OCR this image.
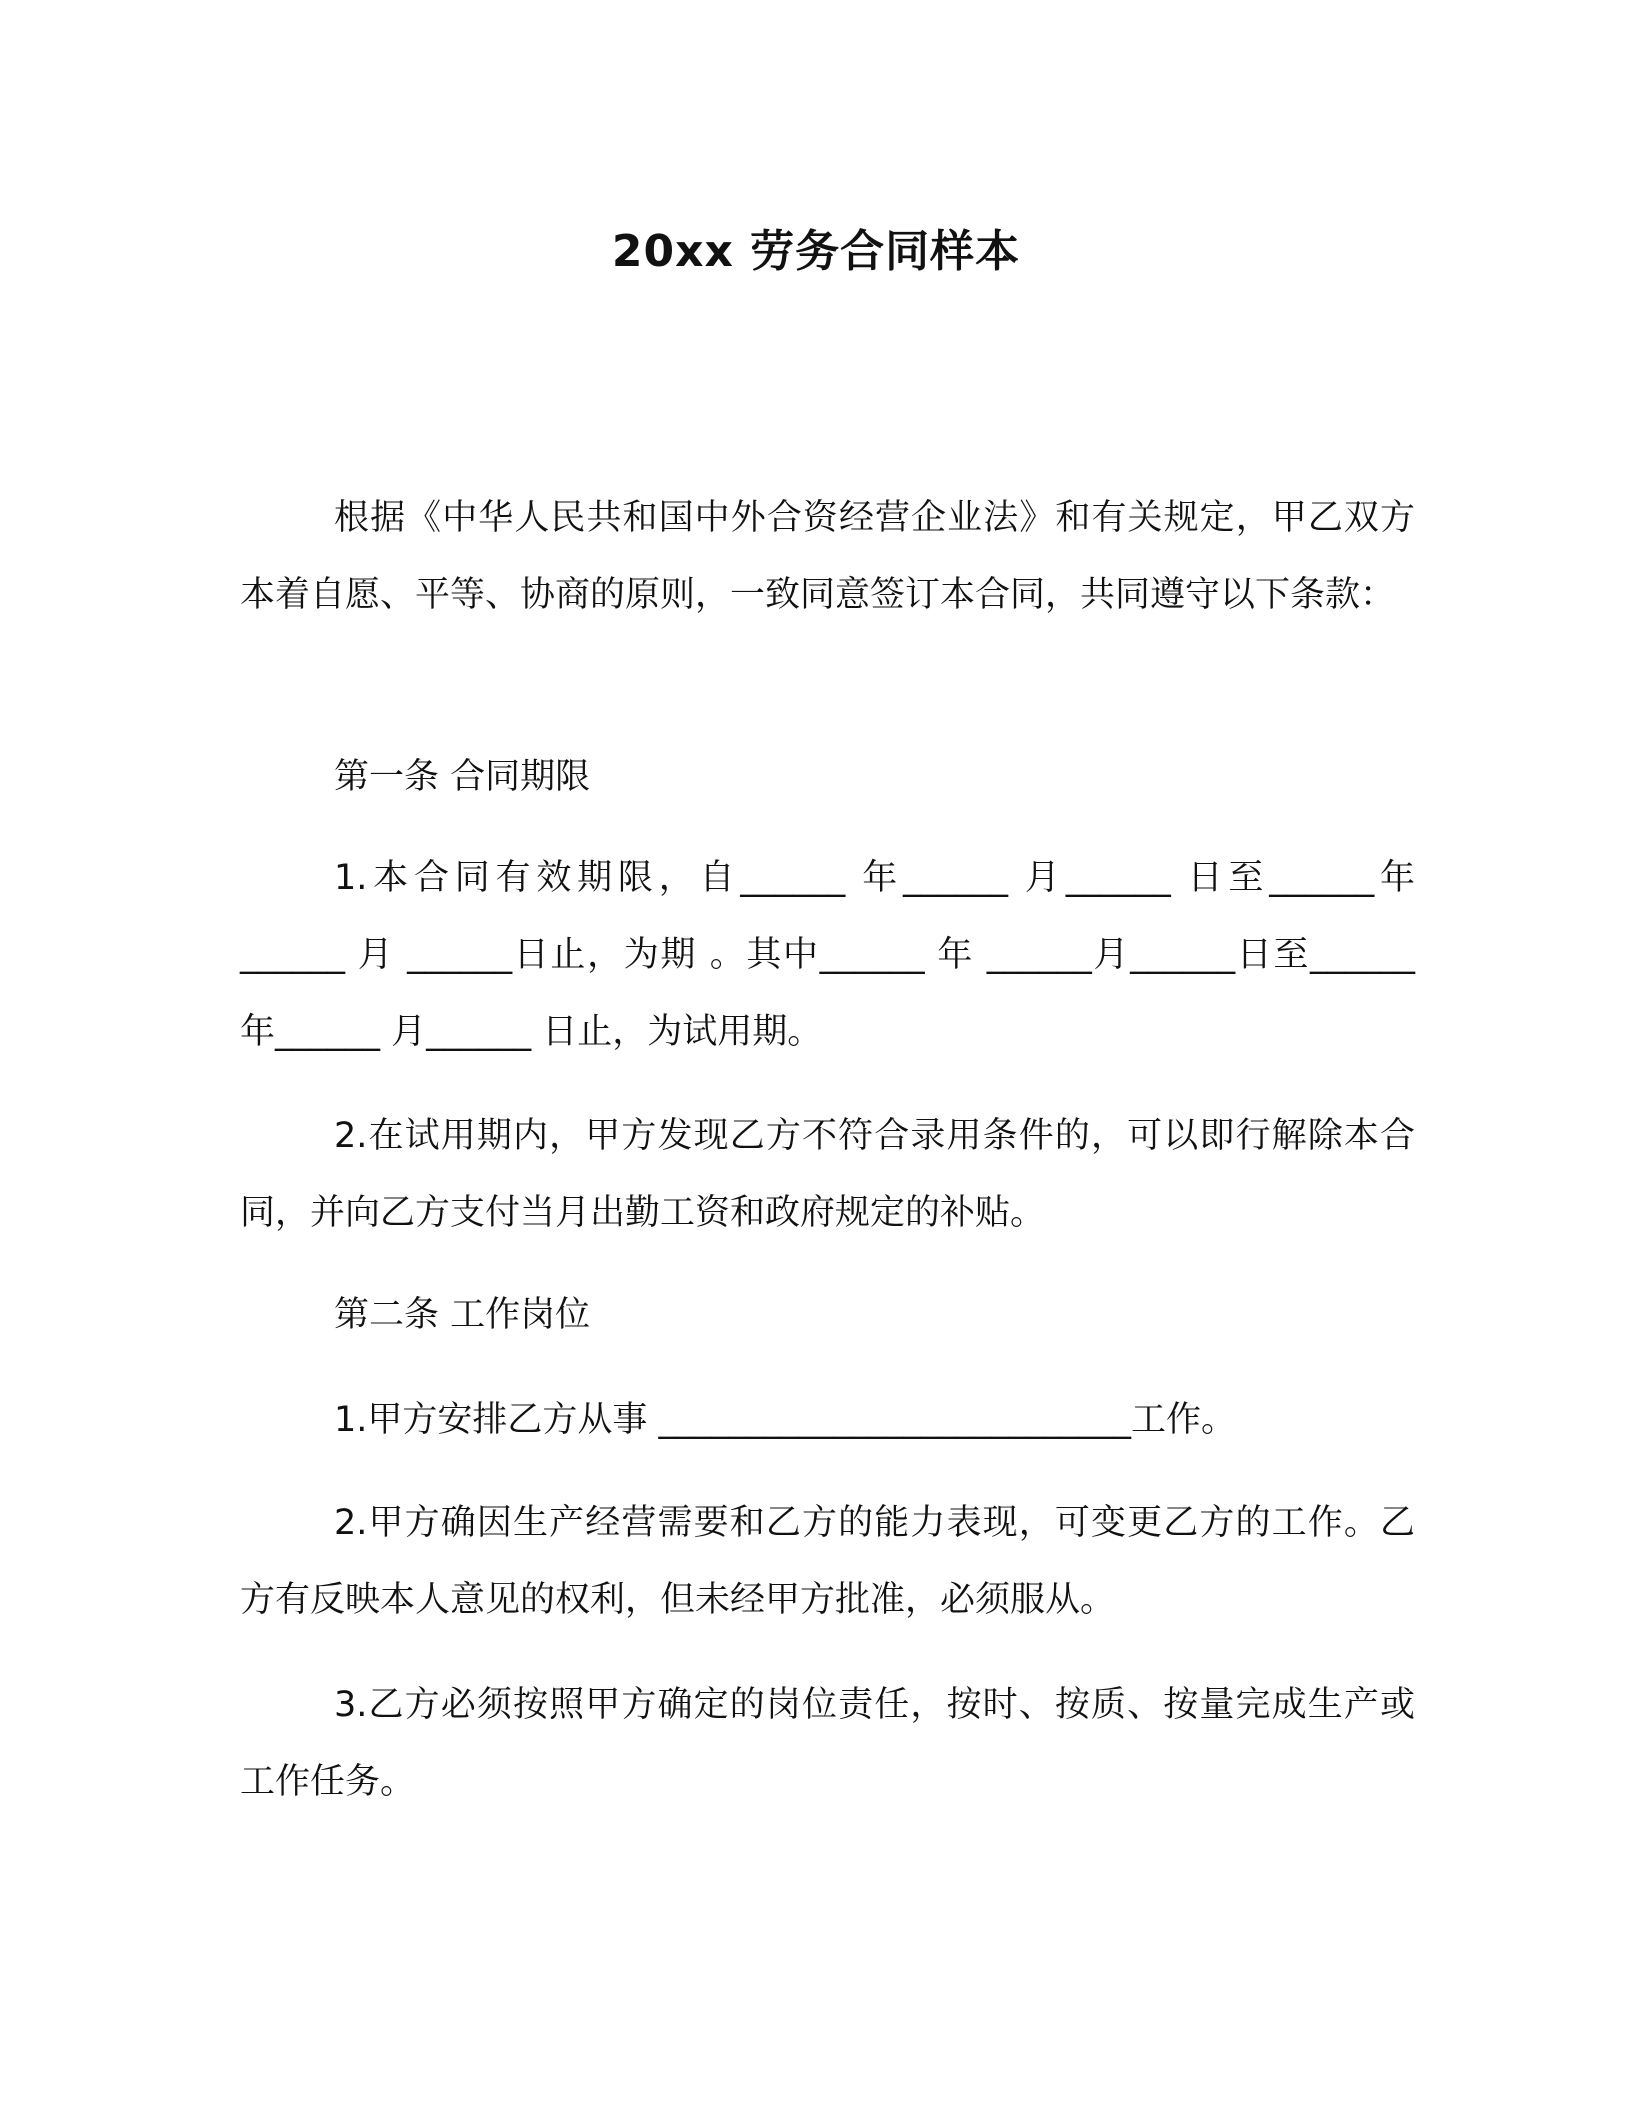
20xx 劳务合同样本
根据《中华人民共和国中外合资经营企业法》和有关规定，甲乙双方本着自愿、平等、协商的原则，一致同意签订本合同，共同遵守以下条款：
第一条 合同期限
1.本合同有效期限，自______ 年______ 月______ 日至______年______ 月 ______日止，为期 。其中______ 年 ______月______日至______ 年______ 月______ 日止，为试用期。
2.在试用期内，甲方发现乙方不符合录用条件的，可以即行解除本合同，并向乙方支付当月出勤工资和政府规定的补贴。
第二条 工作岗位
1.甲方安排乙方从事 ___________________________工作。
2.甲方确因生产经营需要和乙方的能力表现，可变更乙方的工作。乙方有反映本人意见的权利，但未经甲方批准，必须服从。
3.乙方必须按照甲方确定的岗位责任，按时、按质、按量完成生产或工作任务。
